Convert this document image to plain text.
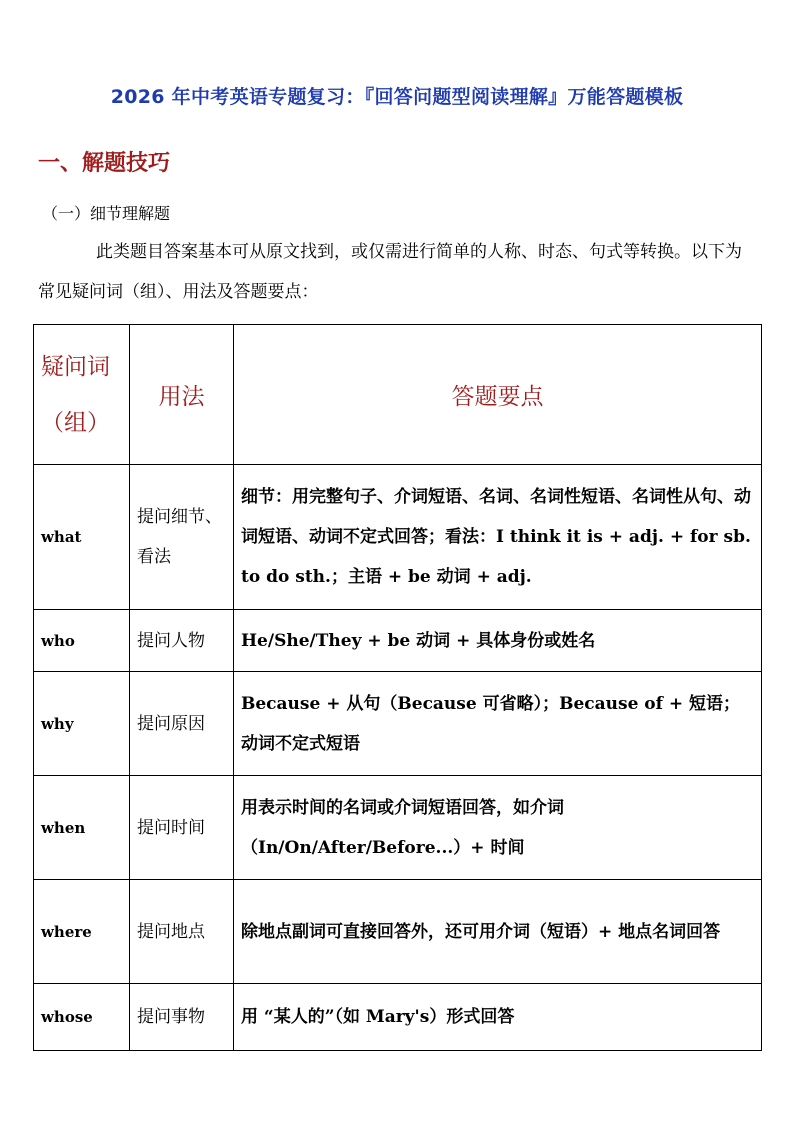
2026 年中考英语专题复习：『回答问题型阅读理解』万能答题模板
一、解题技巧
（一）细节理解题
此类题目答案基本可从原文找到，或仅需进行简单的人称、时态、句式等转换。以下为常见疑问词（组）、用法及答题要点：
疑问词（组）	用法	答题要点
what	提问细节、看法	细节：用完整句子、介词短语、名词、名词性短语、名词性从句、动词短语、动词不定式回答；看法：I think it is + adj. + for sb. to do sth.；主语 + be 动词 + adj.
who	提问人物	He/She/They + be 动词 + 具体身份或姓名
why	提问原因	Because + 从句（Because 可省略）；Because of + 短语；动词不定式短语
when	提问时间	用表示时间的名词或介词短语回答，如介词（In/On/After/Before...）+ 时间
where	提问地点	除地点副词可直接回答外，还可用介词（短语）+ 地点名词回答
whose	提问事物	用 “某人的”（如 Mary's）形式回答
